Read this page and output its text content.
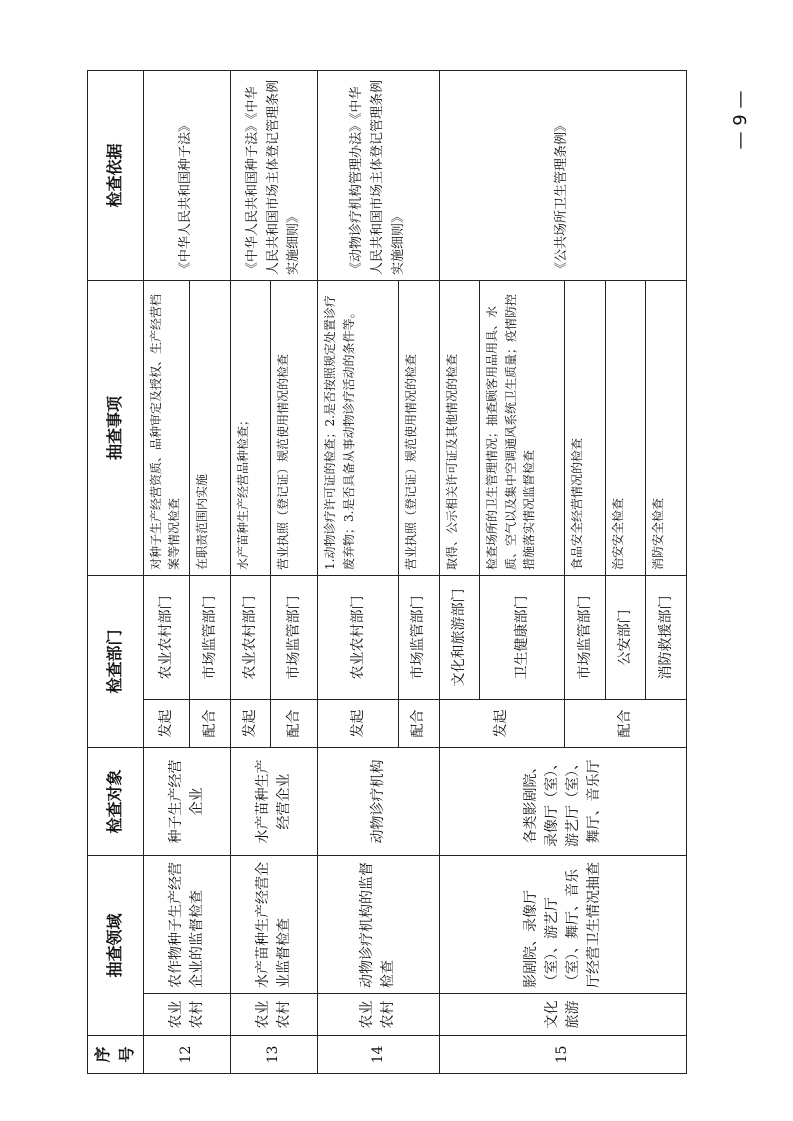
序号	抽查领域		检查对象	检查部门		抽查事项	检查依据
12	农业农村	农作物种子生产经营企业的监督检查	种子生产经营企业	发起	农业农村部门	对种子生产经营资质、品种审定及授权、生产经营档案等情况检查	《中华人民共和国种子法》
				配合	市场监管部门	在职责范围内实施	
13	农业农村	水产苗种生产经营企业监督检查	水产苗种生产经营企业	发起	农业农村部门	水产苗种生产经营品种检查；	《中华人民共和国种子法》《中华人民共和国市场主体登记管理条例实施细则》
				配合	市场监管部门	营业执照（登记证）规范使用情况的检查	
14	农业农村	动物诊疗机构的监督检查	动物诊疗机构	发起	农业农村部门	1.动物诊疗许可证的检查；2.是否按照规定处置诊疗废弃物；3.是否具备从事动物诊疗活动的条件等。	《动物诊疗机构管理办法》《中华人民共和国市场主体登记管理条例实施细则》
				配合	市场监管部门	营业执照（登记证）规范使用情况的检查	
15	文化旅游	影剧院、录像厅（室）、游艺厅（室）、舞厅、音乐厅经营卫生情况抽查	各类影剧院、录像厅（室）、游艺厅（室）、舞厅、音乐厅	发起	文化和旅游部门	取得、公示相关许可证及其他情况的检查	《公共场所卫生管理条例》
					卫生健康部门	检查场所的卫生管理情况；抽查顾客用品用具、水质、空气以及集中空调通风系统卫生质量；疫情防控措施落实情况监督检查	
				配合	市场监管部门	食品安全经营情况的检查	
					公安部门	治安安全检查	
					消防救援部门	消防安全检查	
— 9 —
